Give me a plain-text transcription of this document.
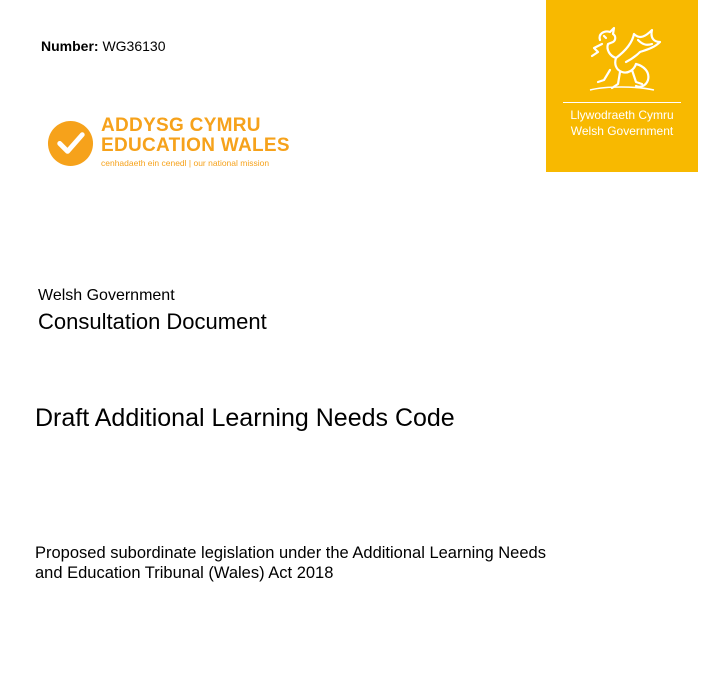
Number: WG36130
ADDYSG CYMRU
EDUCATION WALES
cenhadaeth ein cenedl | our national mission
Llywodraeth Cymru
Welsh Government
Welsh Government
Consultation Document
Draft Additional Learning Needs Code
Proposed subordinate legislation under the Additional Learning Needs
and Education Tribunal (Wales) Act 2018
